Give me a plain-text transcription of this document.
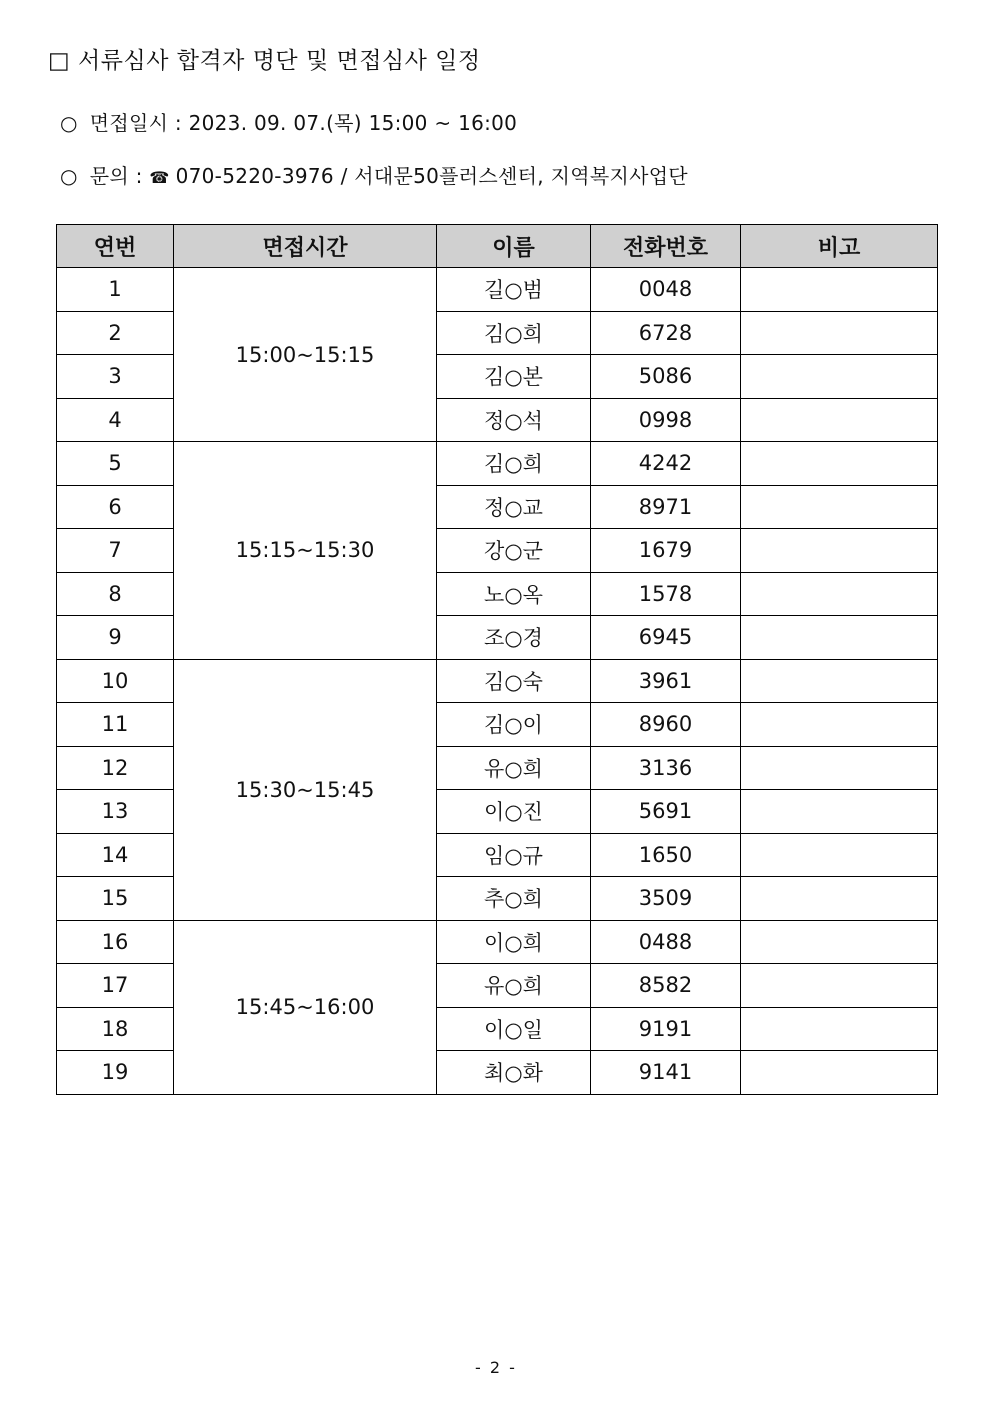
□ 서류심사 합격자 명단 및 면접심사 일정
○ 면접일시 : 2023. 09. 07.(목) 15:00 ~ 16:00
○ 문의 : ☎ 070-5220-3976 / 서대문50플러스센터, 지역복지사업단
연번	면접시간	이름	전화번호	비고
1	15:00~15:15	길○범	0048	
2		김○희	6728	
3		김○본	5086	
4		정○석	0998	
5	15:15~15:30	김○희	4242	
6		정○교	8971	
7		강○군	1679	
8		노○옥	1578	
9		조○경	6945	
10	15:30~15:45	김○숙	3961	
11		김○이	8960	
12		유○희	3136	
13		이○진	5691	
14		임○규	1650	
15		추○희	3509	
16	15:45~16:00	이○희	0488	
17		유○희	8582	
18		이○일	9191	
19		최○화	9141	
- 2 -
